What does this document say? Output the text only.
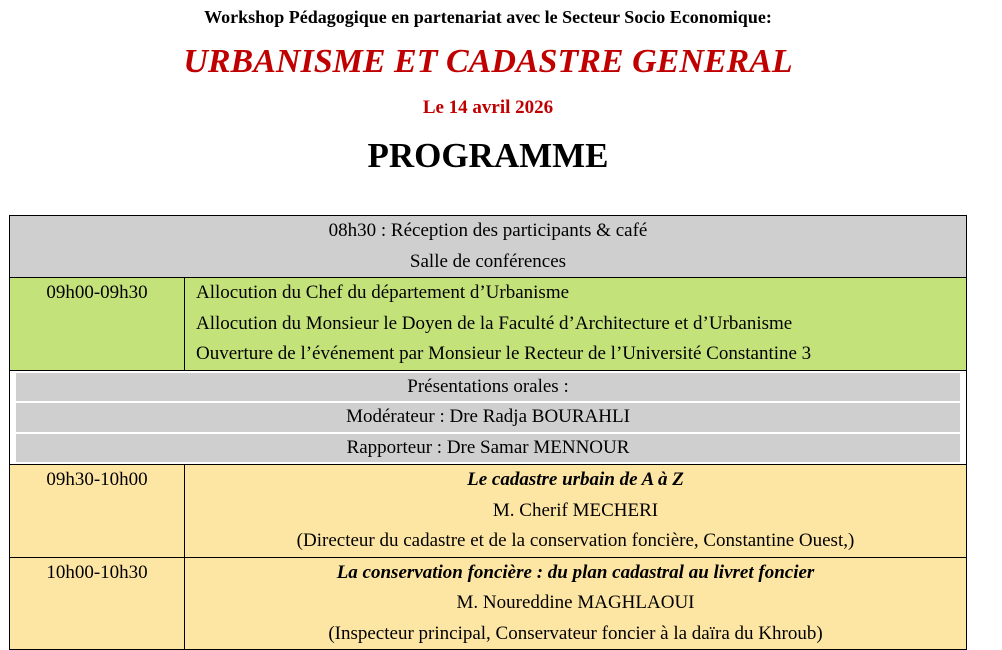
Workshop Pédagogique en partenariat avec le Secteur Socio Economique:
URBANISME ET CADASTRE GENERAL
Le 14 avril 2026
PROGRAMME
08h30 : Réception des participants & café
Salle de conférences	

09h00-09h30	Allocution du Chef du département d’Urbanisme
Allocution du Monsieur le Doyen de la Faculté d’Architecture et d’Urbanisme
Ouverture de l’événement par Monsieur le Recteur de l’Université Constantine 3

Présentations orales :
Modérateur : Dre Radja BOURAHLI
Rapporteur : Dre Samar MENNOUR	

09h30-10h00	Le cadastre urbain de A à Z
M. Cherif MECHERI
(Directeur du cadastre et de la conservation foncière, Constantine Ouest,)

10h00-10h30	La conservation foncière : du plan cadastral au livret foncier
M. Noureddine MAGHLAOUI
(Inspecteur principal, Conservateur foncier à la daïra du Khroub)
